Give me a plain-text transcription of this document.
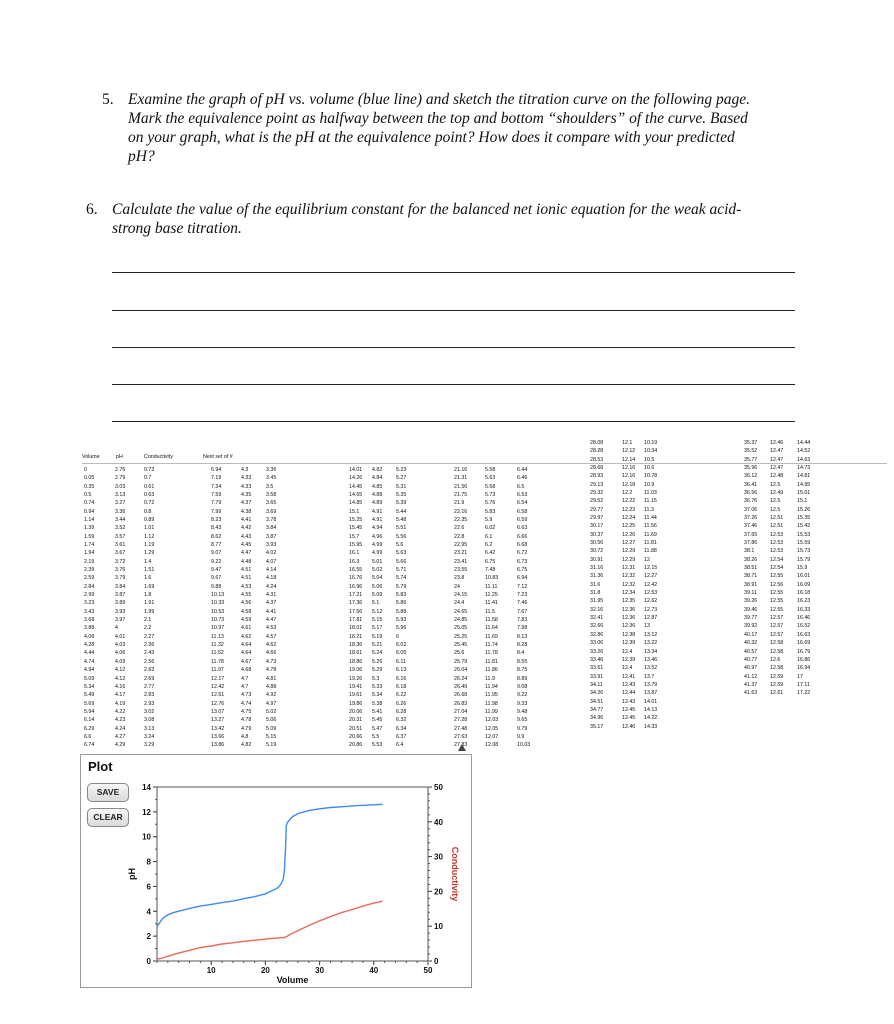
5. Examine the graph of pH vs. volume (blue line) and sketch the titration curve on the following page.
Mark the equivalence point as halfway between the top and bottom “shoulders” of the curve. Based
on your graph, what is the pH at the equivalence point? How does it compare with your predicted
pH?
6. Calculate the value of the equilibrium constant for the balanced net ionic equation for the weak acid-
strong base titration.
Volume	pH	Conductivity	Next set of #
0	2.76	0.73
0.05	2.79	0.7
0.35	3.03	0.61
0.5	3.13	0.63
0.74	3.27	0.72
0.94	3.36	0.8
1.14	3.44	0.89
1.39	3.52	1.01
1.59	3.57	1.12
1.74	3.61	1.19
1.94	3.67	1.29
2.19	3.72	1.4
2.39	3.76	1.51
2.59	3.79	1.6
2.84	3.84	1.69
2.99	3.87	1.8
3.23	3.89	1.91
3.43	3.93	1.99
3.68	3.97	2.1
3.88	4	2.2
4.08	4.01	2.27
4.28	4.03	2.36
4.44	4.06	2.43
4.74	4.09	2.56
4.94	4.12	2.63
5.09	4.12	2.69
5.34	4.16	2.77
5.49	4.17	2.83
5.69	4.19	2.93
5.94	4.22	3.02
6.14	4.23	3.08
6.29	4.24	3.13
6.6	4.27	3.24
6.74	4.29	3.29
6.94	4.3	3.36
7.19	4.33	3.45
7.34	4.33	3.5
7.59	4.35	3.58
7.79	4.37	3.65
7.99	4.38	3.69
8.23	4.41	3.78
8.43	4.42	3.84
8.62	4.43	3.87
8.77	4.45	3.93
9.07	4.47	4.02
9.22	4.48	4.07
9.47	4.51	4.14
9.67	4.51	4.18
9.88	4.53	4.24
10.13	4.55	4.31
10.33	4.56	4.37
10.53	4.58	4.41
10.73	4.59	4.47
10.97	4.61	4.53
11.13	4.62	4.57
11.32	4.64	4.62
11.52	4.64	4.66
11.78	4.67	4.73
11.97	4.68	4.78
12.17	4.7	4.81
12.42	4.7	4.88
12.61	4.73	4.92
12.76	4.74	4.97
13.07	4.75	5.02
13.27	4.78	5.06
13.42	4.79	5.09
13.66	4.8	5.15
13.86	4.82	5.19
14.01 4.82	5.23
14.26 4.84	5.27
14.45 4.85	5.31
14.65 4.88	5.35
14.85 4.89	5.39
15.1 4.91	5.44
15.25 4.91	5.48
15.45 4.94	5.51
15.7 4.96	5.56
15.95 4.99	5.6
16.1 4.99	5.63
16.3 5.01	5.66
16.55 5.02	5.71
16.76 5.04	5.74
16.96 5.06	5.79
17.21 5.09	5.83
17.36 5.1	5.86
17.56 5.12	5.88
17.81 5.15	5.93
18.01 5.17	5.96
18.21 5.19	6
18.36 5.21	6.02
18.61 5.24	6.05
18.86 5.26	6.11
19.06 5.29	6.13
19.26 5.3	6.16
19.41 5.33	6.18
19.61 5.34	6.22
19.86 5.38	6.26
20.06 5.41	6.28
20.31 5.45	6.32
20.51 5.47	6.34
20.66 5.5	6.37
20.86 5.53	6.4
21.16	5.58	6.44
21.31	5.63	6.46
21.56	5.68	6.5
21.75	5.73	6.53
21.9	5.76	6.54
22.16	5.83	6.58
22.35	5.9	6.59
22.6	6.02	6.63
22.8	6.1	6.66
22.95	6.2	6.68
23.21	6.42	6.72
23.41	6.75	6.73
23.55	7.48	6.75
23.8	10.83	6.94
24	11.11	7.12
24.15	11.25	7.23
24.4	11.41	7.46
24.65	11.5	7.67
24.85	11.58	7.83
25.05	11.64	7.98
25.25	11.69	8.13
25.45	11.74	8.28
25.6	11.78	8.4
25.79	11.81	8.55
26.04	11.86	8.75
26.24	11.9	8.89
26.49	11.94	9.08
26.68	11.95	9.22
26.83	11.98	9.33
27.04	11.99	9.48
27.28	12.03	9.65
27.48	12.05	9.79
27.63	12.07	9.9
27.83	12.08	10.03
28.08	12.1 10.19
28.28	12.12 10.34
28.53	12.14 10.5
28.68	12.16 10.6
28.93	12.16 10.78
29.13	12.18 10.9
29.32	12.2 11.03
29.52	12.22 11.15
29.77	12.23 11.3
29.97	12.24 11.44
30.17	12.25 11.56
30.37	12.26 11.69
30.56	12.27 11.81
30.72	12.29 11.88
30.91	12.29 12
31.16	12.31 12.15
31.36	12.32 12.27
31.6	12.32 12.42
31.8	12.34 12.53
31.95	12.35 12.62
32.16	12.36 12.73
32.41	12.36 12.87
32.66	12.36 13
32.86	12.38 13.12
33.06	12.39 13.22
33.26	12.4 13.34
33.46	12.39 13.46
33.61	12.4 13.52
33.91	12.41 13.7
34.11	12.43 13.79
34.26	12.44 13.87
34.51	12.43 14.01
34.77	12.45 14.13
34.96	12.45 14.22
35.17	12.46 14.33
35.37 12.46	14.44
35.52 12.47	14.52
35.77 12.47	14.63
35.96 12.47	14.73
36.12 12.48	14.81
36.41 12.5	14.95
36.56 12.49	15.01
36.76 12.5	15.1
37.06 12.5	15.26
37.26 12.51	15.35
37.46 12.51	15.42
37.65 12.53	15.53
37.86 12.53	15.59
38.1	12.53	15.73
38.26 12.54	15.79
38.51 12.54	15.9
38.71 12.55	16.01
38.91 12.56	16.09
39.11 12.55	16.18
39.26 12.55	16.23
39.46 12.55	16.33
39.77 12.57	16.46
39.92 12.57	16.52
40.17 12.57	16.63
40.32 12.58	16.69
40.57 12.58	16.79
40.77 12.6	16.86
40.97 12.58	16.94
41.12 12.59	17
41.37 12.59	17.11
41.63 12.61	17.22
Plot
SAVE
CLEAR
10	20	30	40	50
0
2
4
6
8
10
12
14
0
10
20
30
40
50
Volume
pH	Conductivity
